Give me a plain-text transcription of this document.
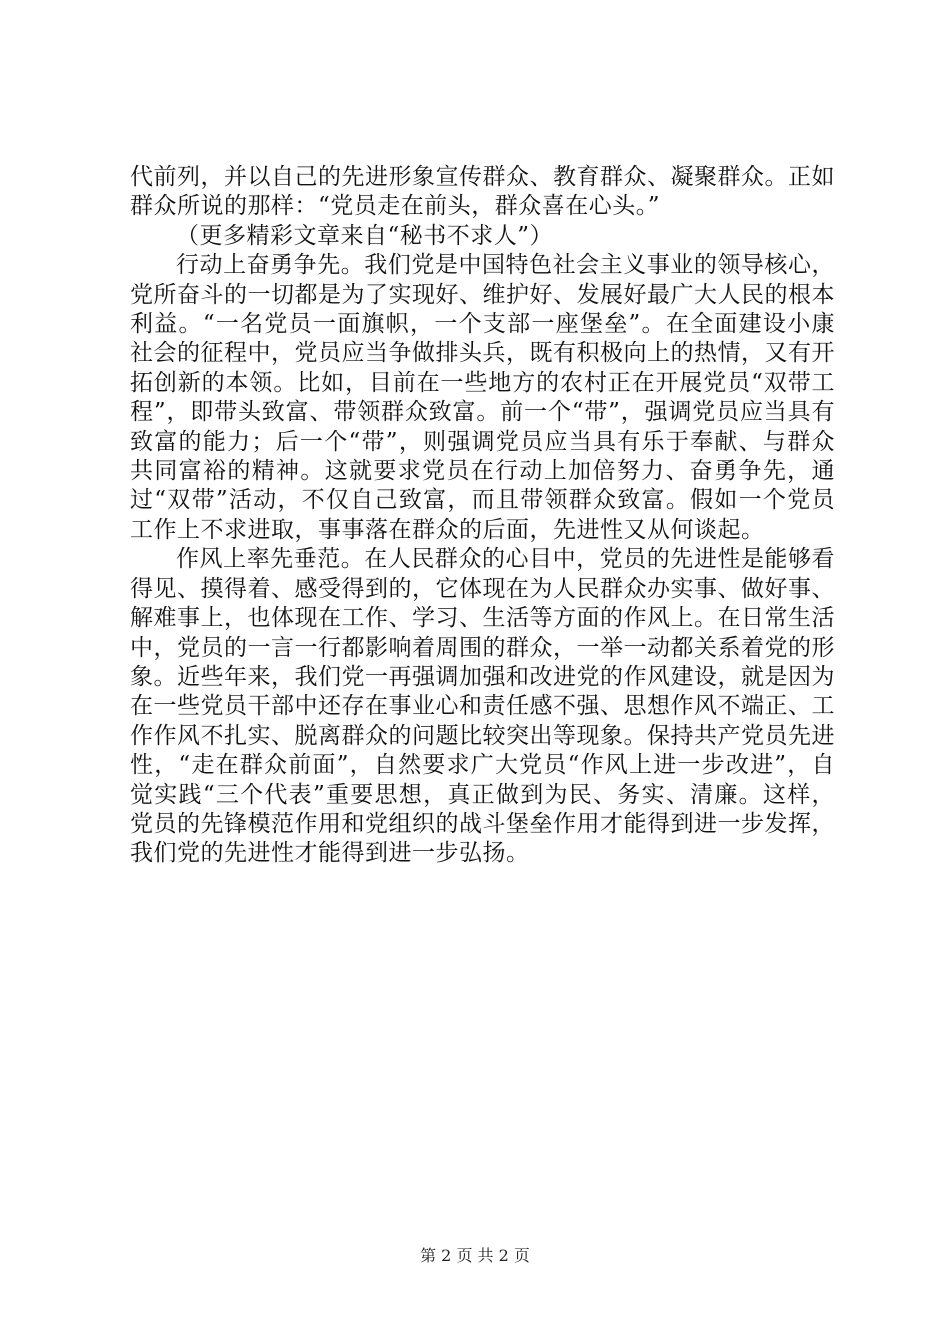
代前列，并以自己的先进形象宣传群众、教育群众、凝聚群众。正如群众所说的那样：“党员走在前头，群众喜在心头。”

（更多精彩文章来自“秘书不求人”）

行动上奋勇争先。我们党是中国特色社会主义事业的领导核心，党所奋斗的一切都是为了实现好、维护好、发展好最广大人民的根本利益。“一名党员一面旗帜，一个支部一座堡垒”。在全面建设小康社会的征程中，党员应当争做排头兵，既有积极向上的热情，又有开拓创新的本领。比如，目前在一些地方的农村正在开展党员“双带工程”，即带头致富、带领群众致富。前一个“带”，强调党员应当具有致富的能力；后一个“带”，则强调党员应当具有乐于奉献、与群众共同富裕的精神。这就要求党员在行动上加倍努力、奋勇争先，通过“双带”活动，不仅自己致富，而且带领群众致富。假如一个党员工作上不求进取，事事落在群众的后面，先进性又从何谈起。

作风上率先垂范。在人民群众的心目中，党员的先进性是能够看得见、摸得着、感受得到的，它体现在为人民群众办实事、做好事、解难事上，也体现在工作、学习、生活等方面的作风上。在日常生活中，党员的一言一行都影响着周围的群众，一举一动都关系着党的形象。近些年来，我们党一再强调加强和改进党的作风建设，就是因为在一些党员干部中还存在事业心和责任感不强、思想作风不端正、工作作风不扎实、脱离群众的问题比较突出等现象。保持共产党员先进性，“走在群众前面”，自然要求广大党员“作风上进一步改进”，自觉实践“三个代表”重要思想，真正做到为民、务实、清廉。这样，党员的先锋模范作用和党组织的战斗堡垒作用才能得到进一步发挥，我们党的先进性才能得到进一步弘扬。

第 2 页 共 2 页
